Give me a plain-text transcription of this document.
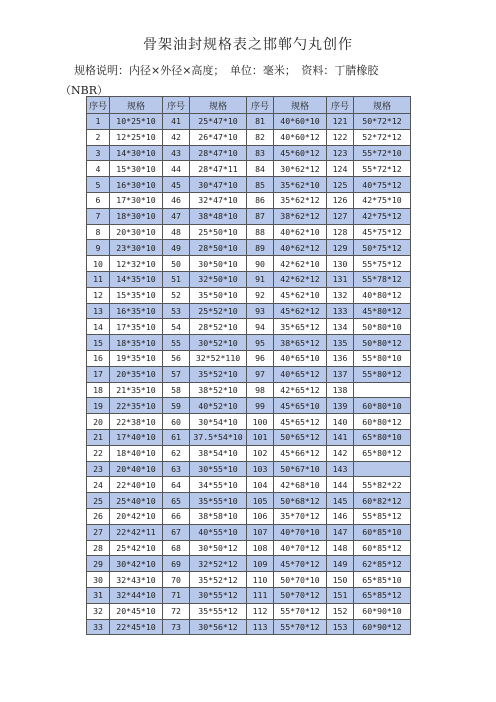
骨架油封规格表之邯郸勺丸创作
规格说明：内径×外径×高度；　单位：毫米；　资料：丁腈橡胶
（NBR）
序号	规格	序号	规格	序号	规格	序号	规格
1	10*25*10	41	25*47*10	81	40*60*10	121	50*72*12
2	12*25*10	42	26*47*10	82	40*60*12	122	52*72*12
3	14*30*10	43	28*47*10	83	45*60*12	123	55*72*10
4	15*30*10	44	28*47*11	84	30*62*12	124	55*72*12
5	16*30*10	45	30*47*10	85	35*62*10	125	40*75*12
6	17*30*10	46	32*47*10	86	35*62*12	126	42*75*10
7	18*30*10	47	38*48*10	87	38*62*12	127	42*75*12
8	20*30*10	48	25*50*10	88	40*62*10	128	45*75*12
9	23*30*10	49	28*50*10	89	40*62*12	129	50*75*12
10	12*32*10	50	30*50*10	90	42*62*10	130	55*75*12
11	14*35*10	51	32*50*10	91	42*62*12	131	55*78*12
12	15*35*10	52	35*50*10	92	45*62*10	132	40*80*12
13	16*35*10	53	25*52*10	93	45*62*12	133	45*80*12
14	17*35*10	54	28*52*10	94	35*65*12	134	50*80*10
15	18*35*10	55	30*52*10	95	38*65*12	135	50*80*12
16	19*35*10	56	32*52*110	96	40*65*10	136	55*80*10
17	20*35*10	57	35*52*10	97	40*65*12	137	55*80*12
18	21*35*10	58	38*52*10	98	42*65*12	138	
19	22*35*10	59	40*52*10	99	45*65*10	139	60*80*10
20	22*38*10	60	30*54*10	100	45*65*12	140	60*80*12
21	17*40*10	61	37.5*54*10	101	50*65*12	141	65*80*10
22	18*40*10	62	38*54*10	102	45*66*12	142	65*80*12
23	20*40*10	63	30*55*10	103	50*67*10	143	
24	22*40*10	64	34*55*10	104	42*68*10	144	55*82*22
25	25*40*10	65	35*55*10	105	50*68*12	145	60*82*12
26	20*42*10	66	38*58*10	106	35*70*12	146	55*85*12
27	22*42*11	67	40*55*10	107	40*70*10	147	60*85*10
28	25*42*10	68	30*50*12	108	40*70*12	148	60*85*12
29	30*42*10	69	32*52*12	109	45*70*12	149	62*85*12
30	32*43*10	70	35*52*12	110	50*70*10	150	65*85*10
31	32*44*10	71	30*55*12	111	50*70*12	151	65*85*12
32	20*45*10	72	35*55*12	112	55*70*12	152	60*90*10
33	22*45*10	73	30*56*12	113	55*70*12	153	60*90*12
